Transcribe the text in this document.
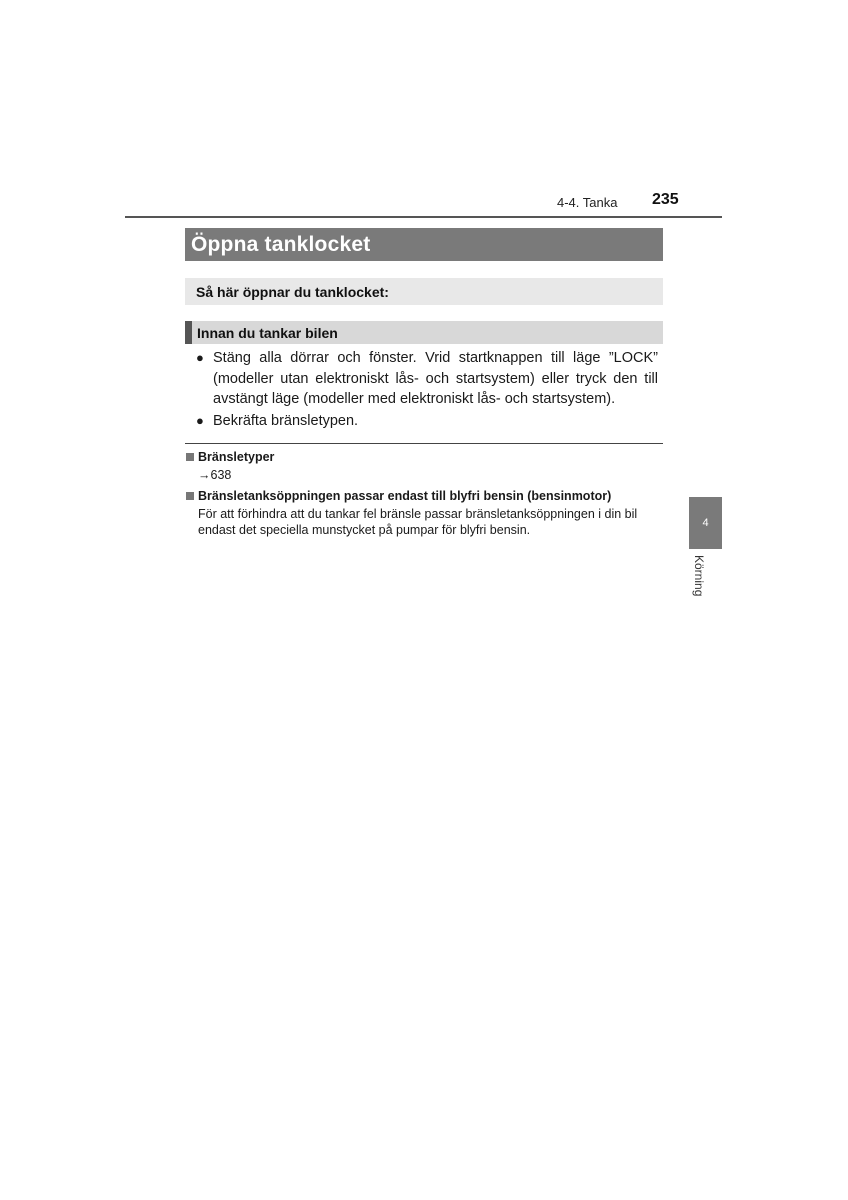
4-4. Tanka 235
Öppna tanklocket
Så här öppnar du tanklocket:
Innan du tankar bilen
● Stäng alla dörrar och fönster. Vrid startknappen till läge ”LOCK” (modeller utan elektroniskt lås- och startsystem) eller tryck den till avstängt läge (modeller med elektroniskt lås- och startsystem).
● Bekräfta bränsletypen.
Bränsletyper
→638
Bränsletanksöppningen passar endast till blyfri bensin (bensinmotor)
För att förhindra att du tankar fel bränsle passar bränsletanksöppningen i din bil endast det speciella munstycket på pumpar för blyfri bensin.	4
Körning
